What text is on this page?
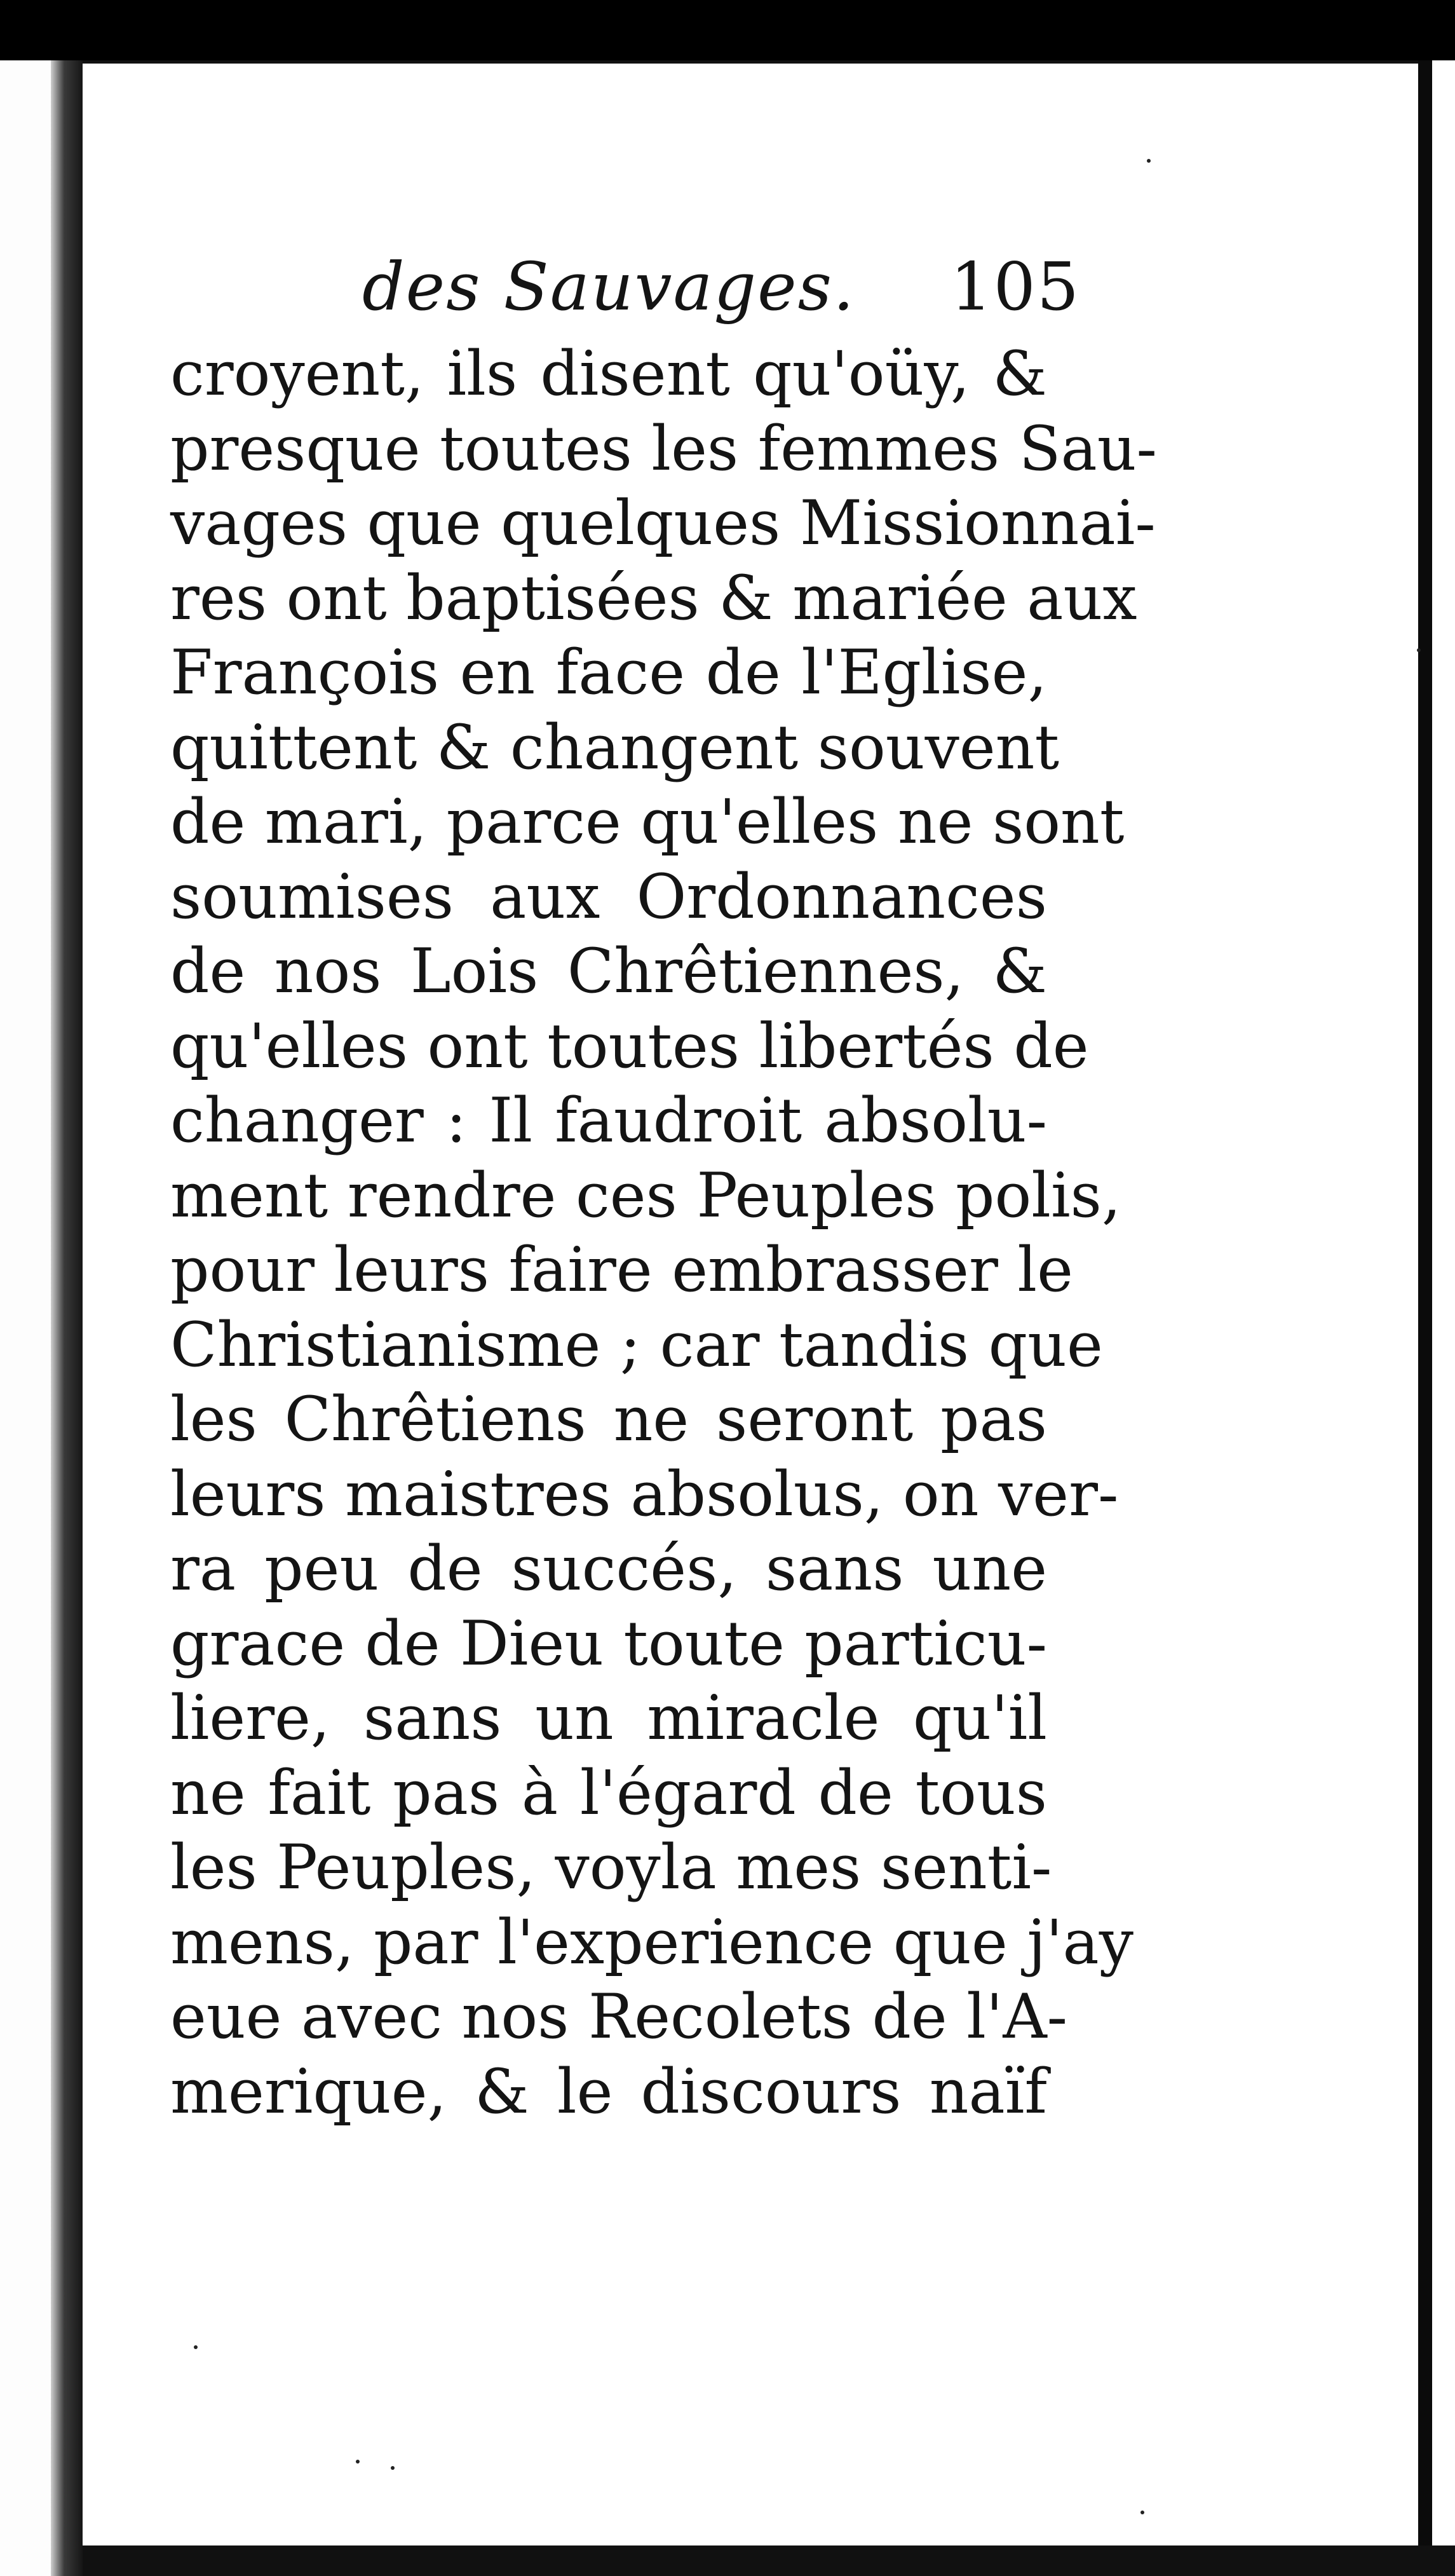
des Sauvages. 105
croyent, ils disent qu'oüy, &
presque toutes les femmes Sau-
vages que quelques Missionnai-
res ont baptisées & mariée aux
François en face de l'Eglise,
quittent & changent souvent
de mari, parce qu'elles ne sont
soumises aux Ordonnances
de nos Lois Chrêtiennes, &
qu'elles ont toutes libertés de
changer : Il faudroit absolu-
ment rendre ces Peuples polis,
pour leurs faire embrasser le
Christianisme ; car tandis que
les Chrêtiens ne seront pas
leurs maistres absolus, on ver-
ra peu de succés, sans une
grace de Dieu toute particu-
liere, sans un miracle qu'il
ne fait pas à l'égard de tous
les Peuples, voyla mes senti-
mens, par l'experience que j'ay
eue avec nos Recolets de l'A-
merique, & le discours naïf
